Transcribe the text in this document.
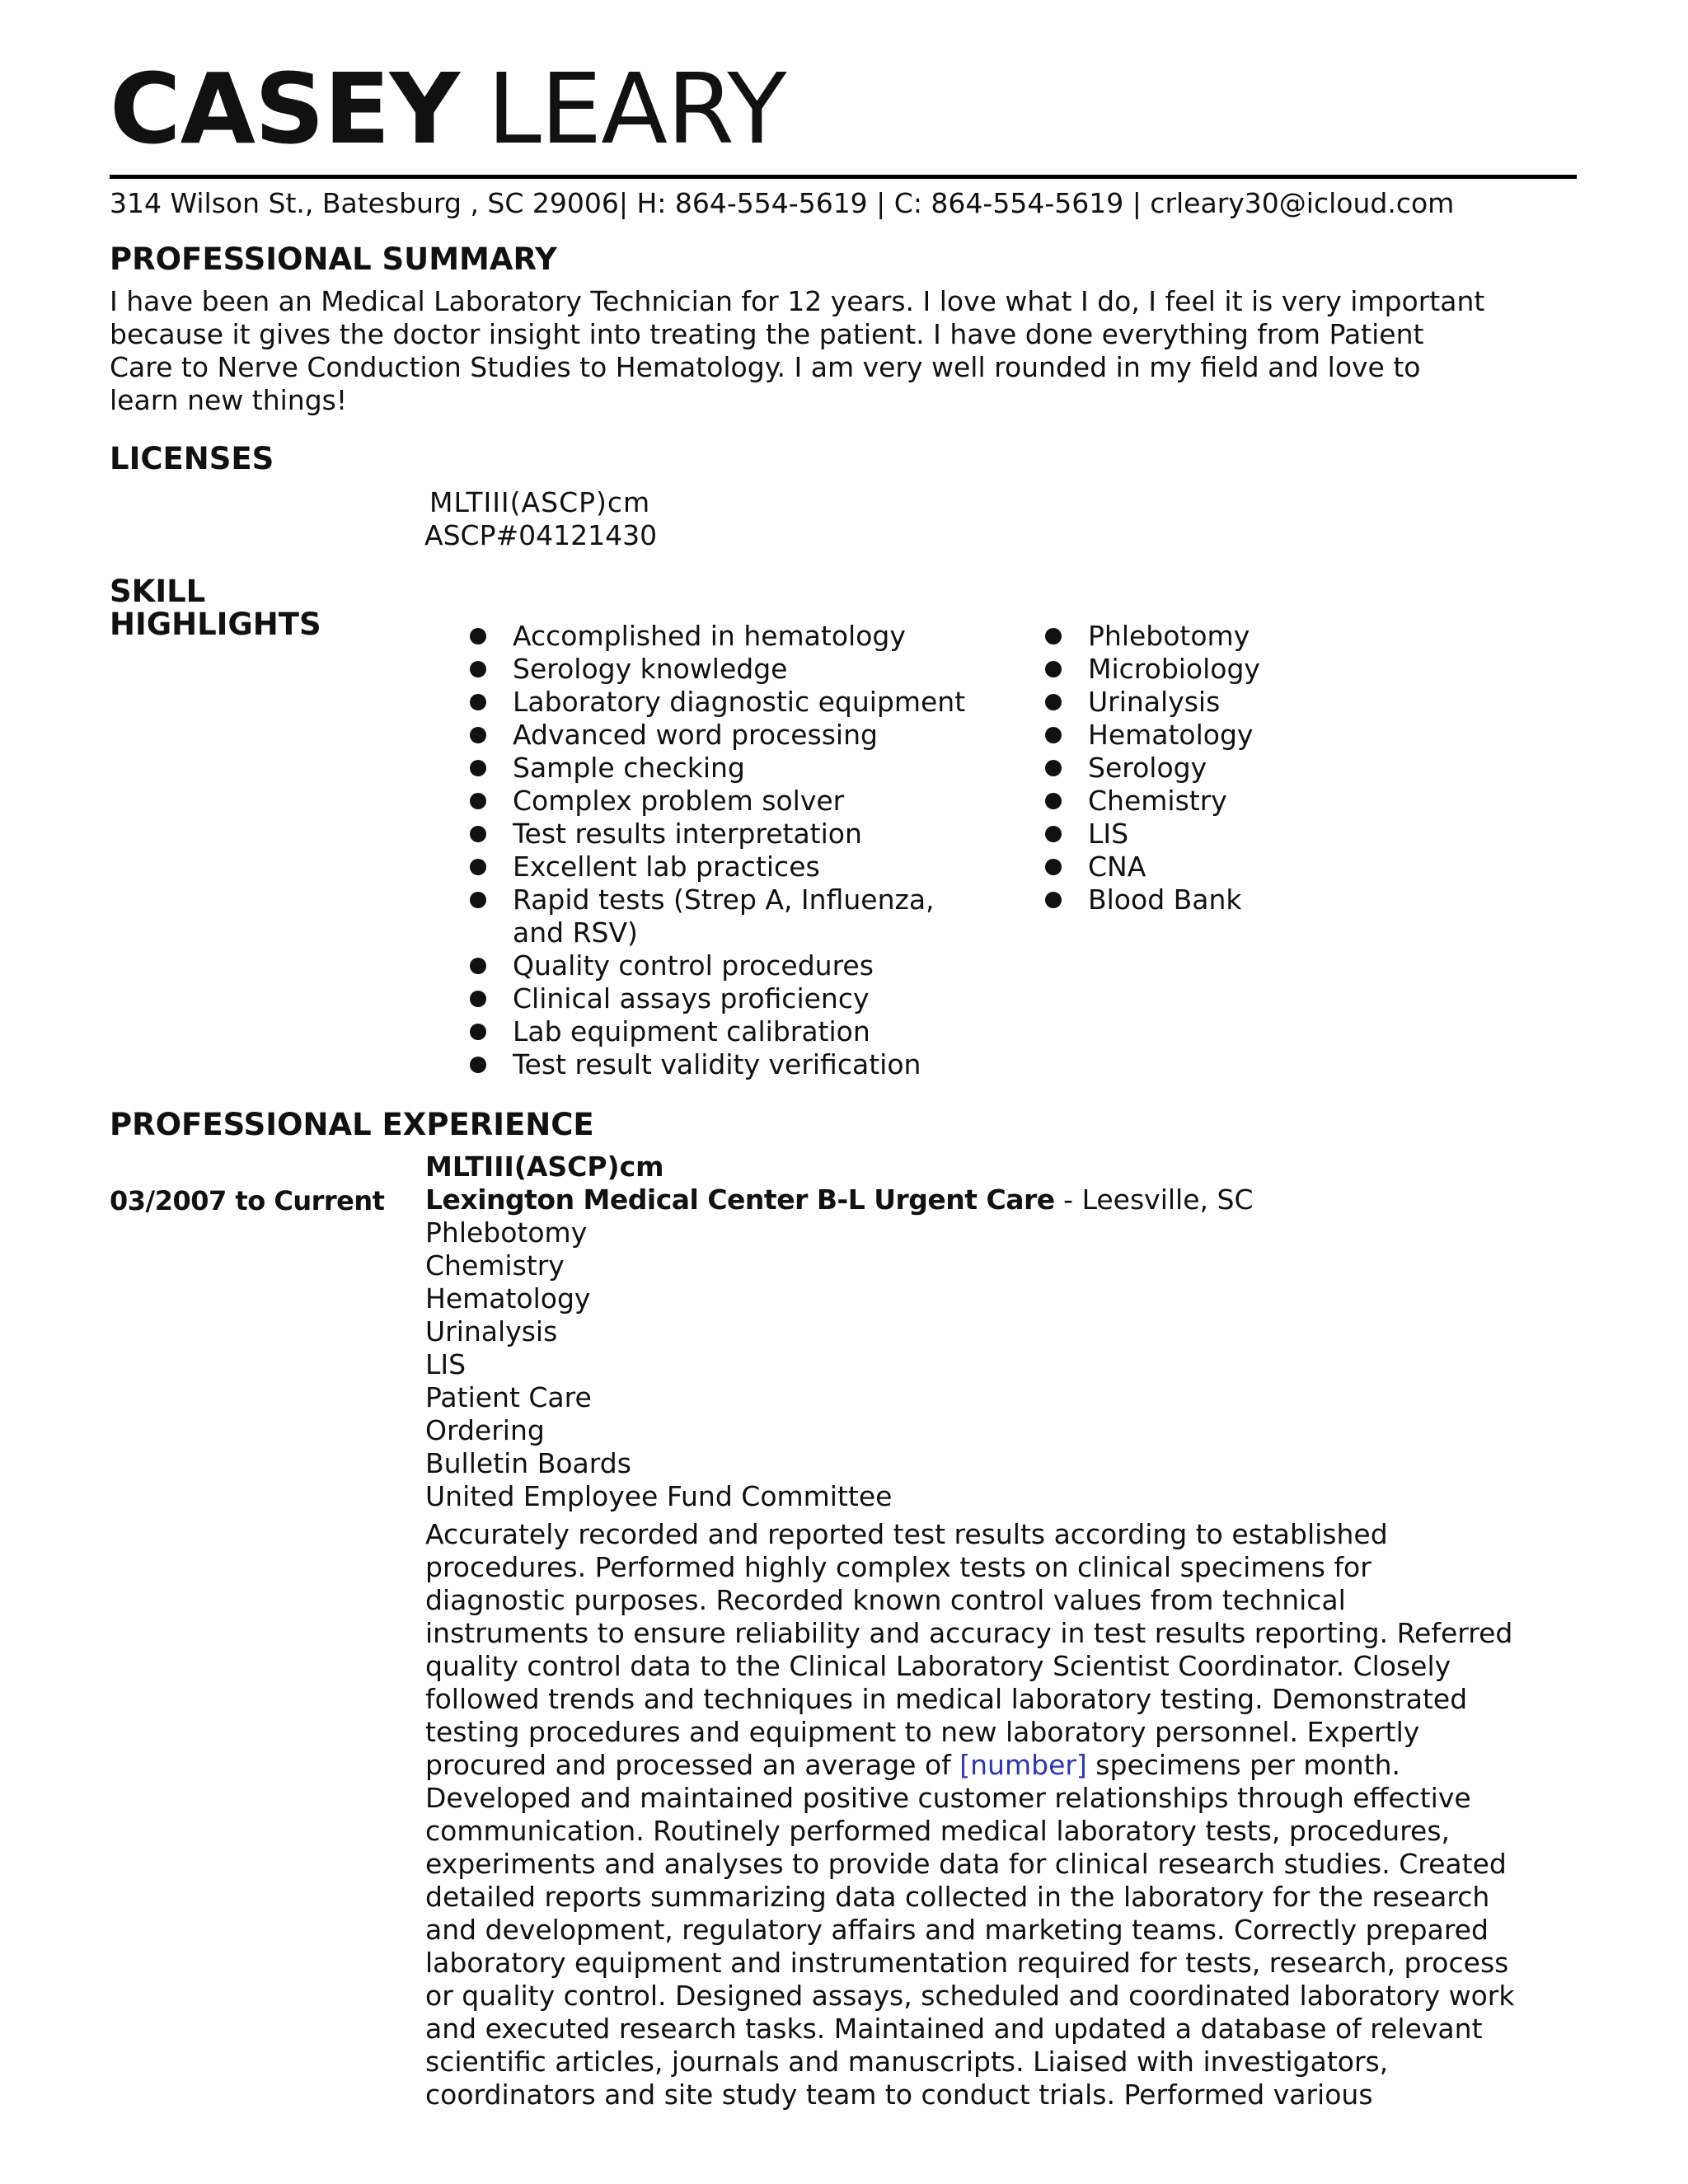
CASEY LEARY
314 Wilson St., Batesburg , SC 29006| H: 864-554-5619 | C: 864-554-5619 | crleary30@icloud.com
PROFESSIONAL SUMMARY
I have been an Medical Laboratory Technician for 12 years. I love what I do, I feel it is very important
because it gives the doctor insight into treating the patient. I have done everything from Patient
Care to Nerve Conduction Studies to Hematology. I am very well rounded in my field and love to
learn new things!
LICENSES
MLTIII(ASCP)cm
ASCP#04121430
SKILL
HIGHLIGHTS	Accomplished in hematology
Serology knowledge
Laboratory diagnostic equipment
Advanced word processing
Sample checking
Complex problem solver
Test results interpretation
Excellent lab practices
Rapid tests (Strep A, Influenza, and RSV)
Quality control procedures
Clinical assays proficiency
Lab equipment calibration
Test result validity verification
Phlebotomy
Microbiology
Urinalysis
Hematology
Serology
Chemistry
LIS
CNA
Blood Bank
PROFESSIONAL EXPERIENCE
03/2007 to Current
MLTIII(ASCP)cm
Lexington Medical Center B-L Urgent Care - Leesville, SC
Phlebotomy
Chemistry
Hematology
Urinalysis
LIS
Patient Care
Ordering
Bulletin Boards
United Employee Fund Committee
Accurately recorded and reported test results according to established
procedures. Performed highly complex tests on clinical specimens for
diagnostic purposes. Recorded known control values from technical
instruments to ensure reliability and accuracy in test results reporting. Referred
quality control data to the Clinical Laboratory Scientist Coordinator. Closely
followed trends and techniques in medical laboratory testing. Demonstrated
testing procedures and equipment to new laboratory personnel. Expertly
procured and processed an average of [number] specimens per month.
Developed and maintained positive customer relationships through effective
communication. Routinely performed medical laboratory tests, procedures,
experiments and analyses to provide data for clinical research studies. Created
detailed reports summarizing data collected in the laboratory for the research
and development, regulatory affairs and marketing teams. Correctly prepared
laboratory equipment and instrumentation required for tests, research, process
or quality control. Designed assays, scheduled and coordinated laboratory work
and executed research tasks. Maintained and updated a database of relevant
scientific articles, journals and manuscripts. Liaised with investigators,
coordinators and site study team to conduct trials. Performed various
